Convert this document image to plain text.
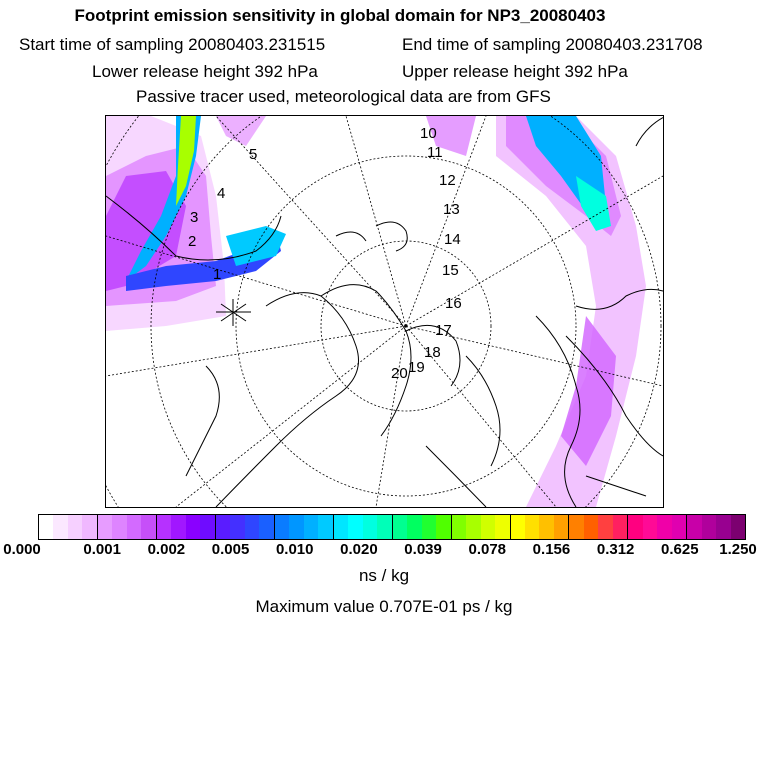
Footprint emission sensitivity in global domain for NP3_20080403
Start time of sampling 20080403.231515	End time of sampling 20080403.231708
Lower release height 392 hPa	Upper release height 392 hPa
Passive tracer used, meteorological data are from GFS
1
2
3
4
5
10
11
12
13
14
15
16
17
18
19
20
0.000	0.001 0.002 0.005 0.010 0.020 0.039 0.078 0.156 0.312 0.625 1.250
ns / kg
Maximum value 0.707E-01 ps / kg
